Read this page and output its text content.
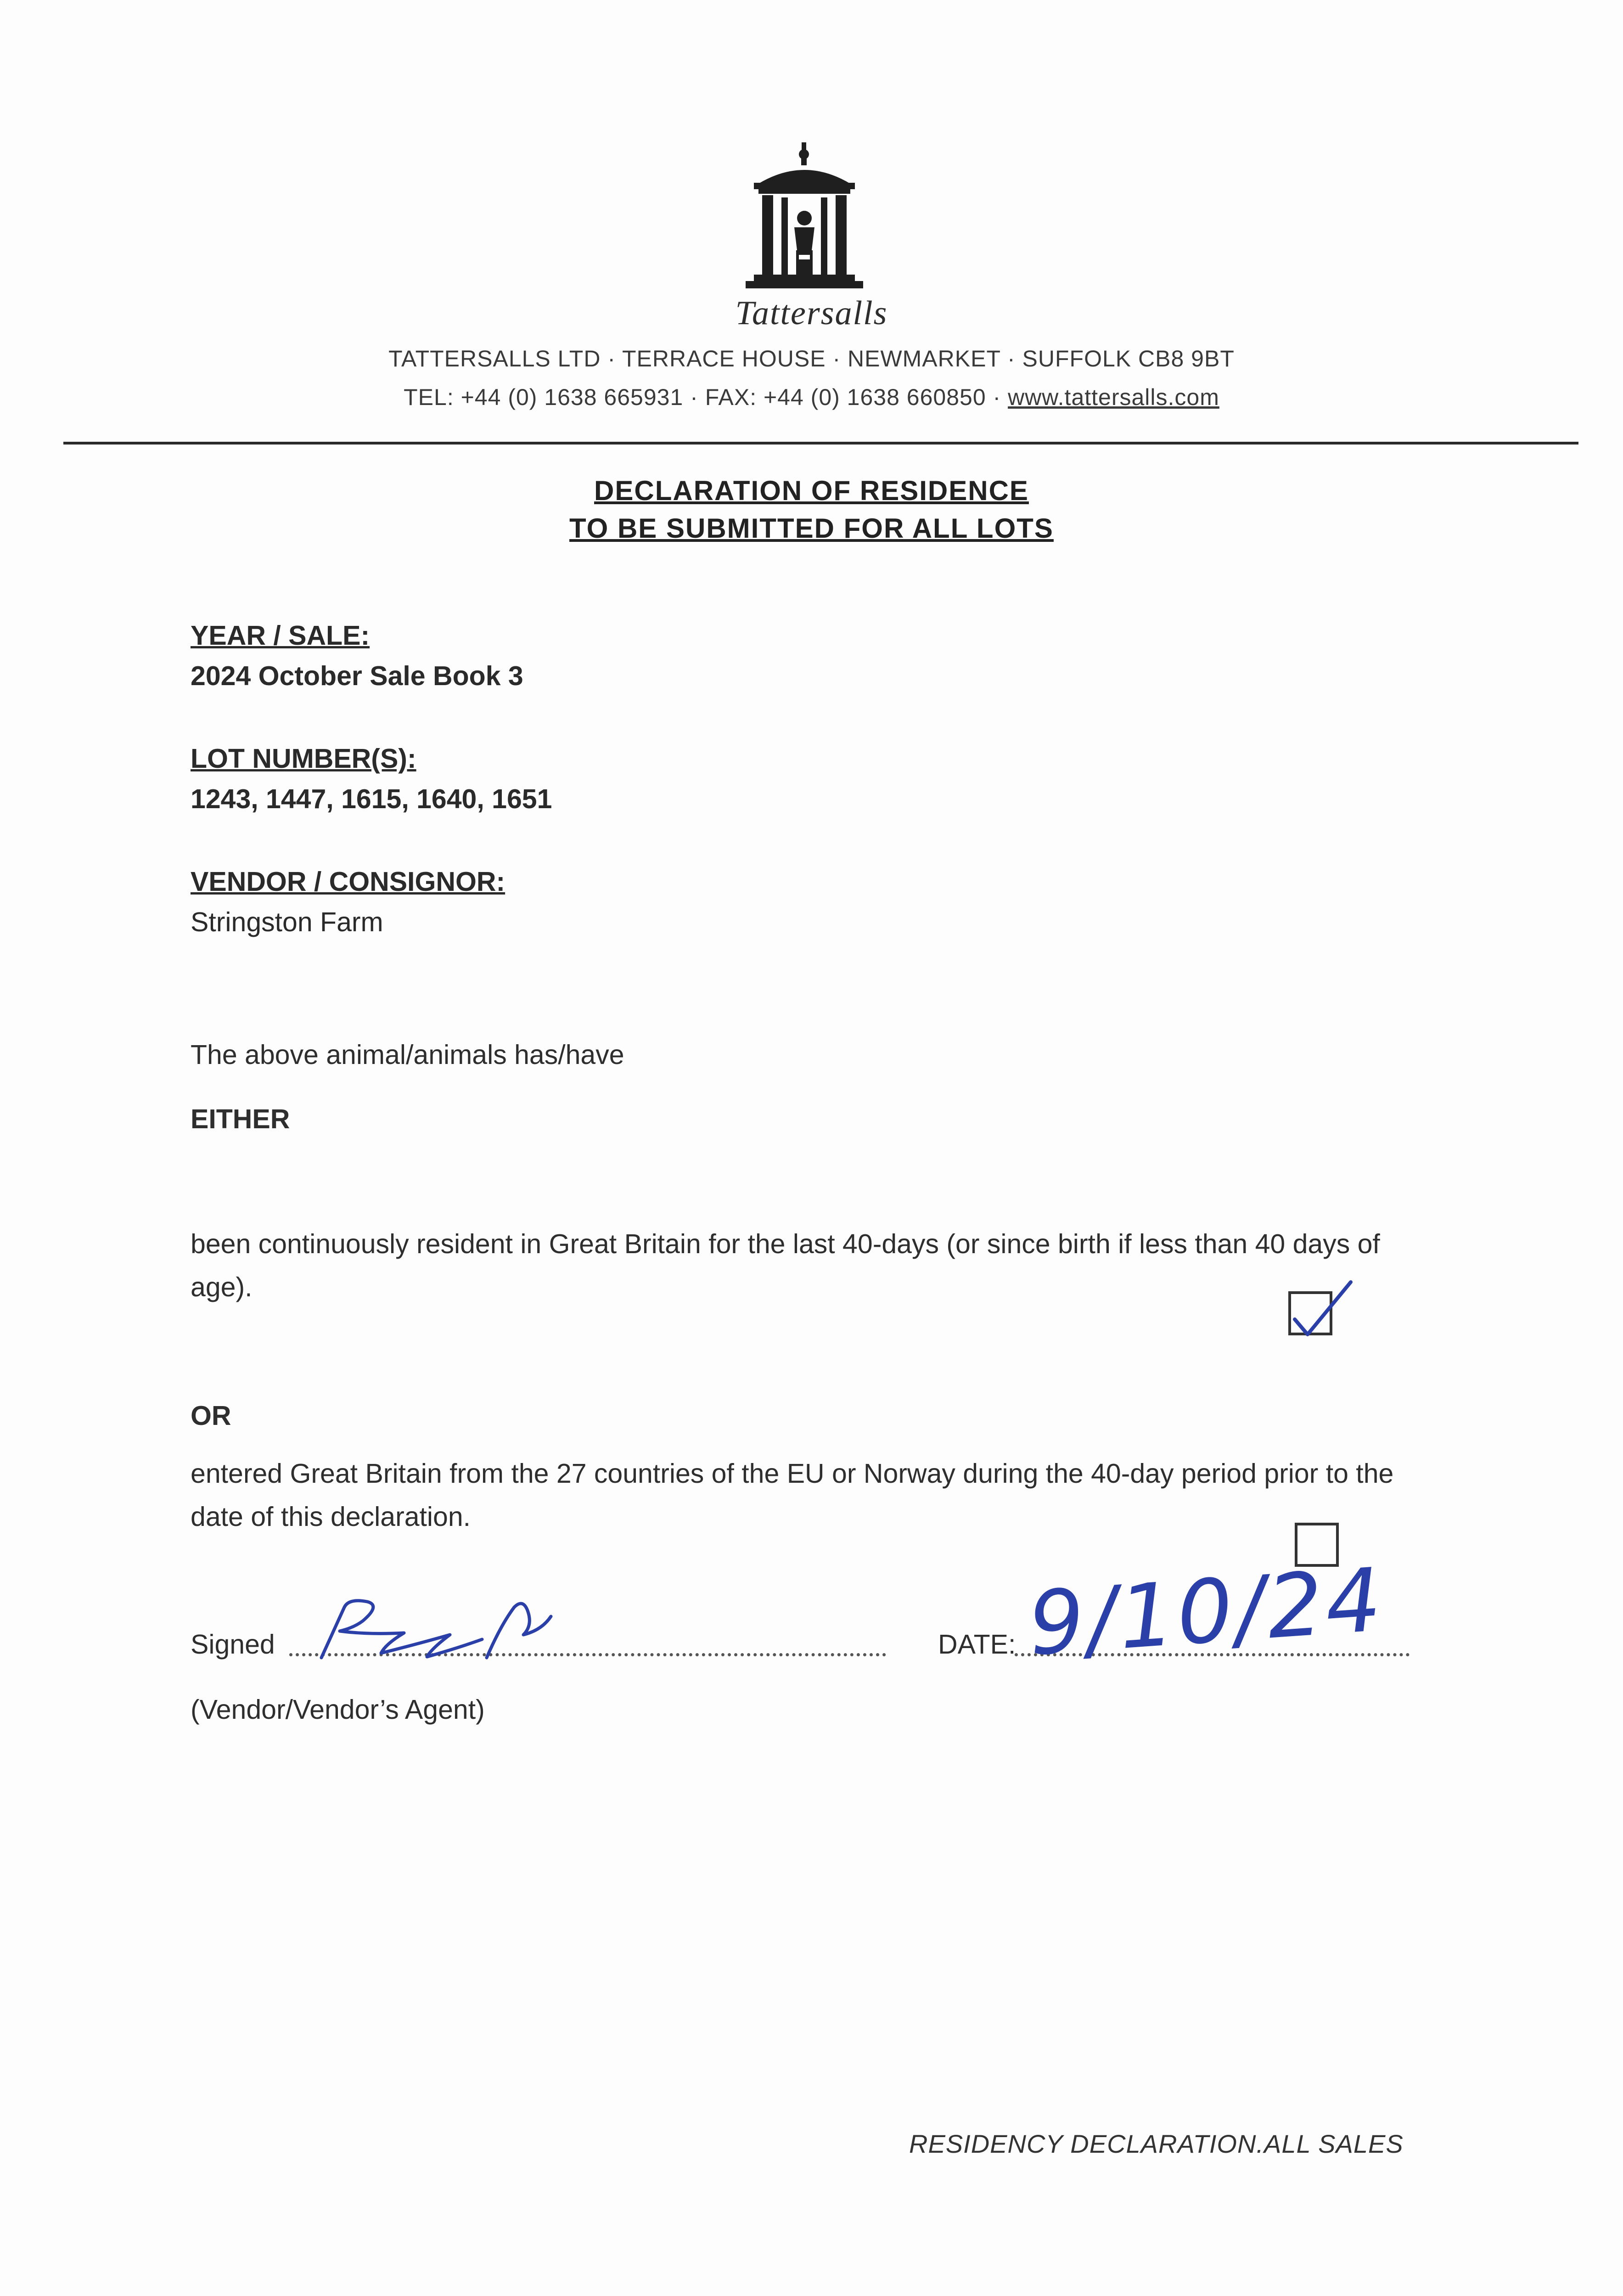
Tattersalls
TATTERSALLS LTD · TERRACE HOUSE · NEWMARKET · SUFFOLK CB8 9BT
TEL: +44 (0) 1638 665931 · FAX: +44 (0) 1638 660850 · www.tattersalls.com
DECLARATION OF RESIDENCE
TO BE SUBMITTED FOR ALL LOTS
YEAR / SALE:
2024 October Sale Book 3
LOT NUMBER(S):
1243, 1447, 1615, 1640, 1651
VENDOR / CONSIGNOR:
Stringston Farm
The above animal/animals has/have
EITHER
been continuously resident in Great Britain for the last 40-days (or since birth if less than 40 days of age).
OR
entered Great Britain from the 27 countries of the EU or Norway during the 40-day period prior to the date of this declaration.
Signed	DATE: 9/10/24
(Vendor/Vendor’s Agent)
RESIDENCY DECLARATION.ALL SALES
